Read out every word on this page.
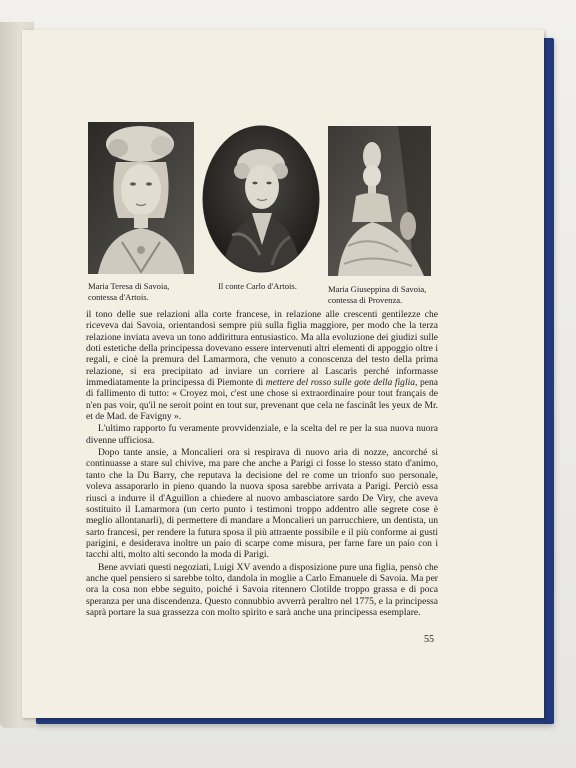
Maria Teresa di Savoia,
contessa d'Artois.
Il conte Carlo d'Artois.	Maria Giuseppina di Savoia,
contessa di Provenza.

il tono delle sue relazioni alla corte francese, in relazione alle crescenti gentilezze che riceveva dai Savoia, orientandosi sempre più sulla figlia maggiore, per modo che la terza relazione inviata aveva un tono addirittura entusiastico. Ma alla evoluzione dei giudizi sulle doti estetiche della principessa dovevano essere intervenuti altri elementi di appoggio oltre i regali, e cioè la premura del Lamarmora, che venuto a conoscenza del testo della prima relazione, si era precipitato ad inviare un corriere al Lascaris perché informasse immediatamente la principessa di Piemonte di mettere del rosso sulle gote della figlia, pena di fallimento di tutto: « Croyez moi, c'est une chose si extraordinaire pour tout français de n'en pas voir, qu'il ne seroit point en tout sur, prevenant que cela ne fascinât les yeux de Mr. et de Mad. de Favigny ».

L'ultimo rapporto fu veramente provvidenziale, e la scelta del re per la sua nuova nuora divenne ufficiosa.

Dopo tante ansie, a Moncalieri ora si respirava di nuovo aria di nozze, ancorché si continuasse a stare sul chivive, ma pare che anche a Parigi ci fosse lo stesso stato d'animo, tanto che la Du Barry, che reputava la decisione del re come un trionfo suo personale, voleva assaporarlo in pieno quando la nuova sposa sarebbe arrivata a Parigi. Perciò essa riuscì a indurre il d'Aguillon a chiedere al nuovo ambasciatore sardo De Viry, che aveva sostituito il Lamarmora (un certo punto i testimoni troppo addentro alle segrete cose è meglio allontanarli), di permettere di mandare a Moncalieri un parrucchiere, un dentista, un sarto francesi, per rendere la futura sposa il più attraente possibile e il più conforme ai gusti parigini, e desiderava inoltre un paio di scarpe come misura, per farne fare un paio con i tacchi alti, molto alti secondo la moda di Parigi.

Bene avviati questi negoziati, Luigi XV avendo a disposizione pure una figlia, pensò che anche quel pensiero si sarebbe tolto, dandola in moglie a Carlo Emanuele di Savoia. Ma per ora la cosa non ebbe seguito, poiché i Savoia ritennero Clotilde troppo grassa e di poca speranza per una discendenza. Questo connubbio avverrà peraltro nel 1775, e la principessa saprà portare la sua grassezza con molto spirito e sarà anche una principessa esemplare.

55
